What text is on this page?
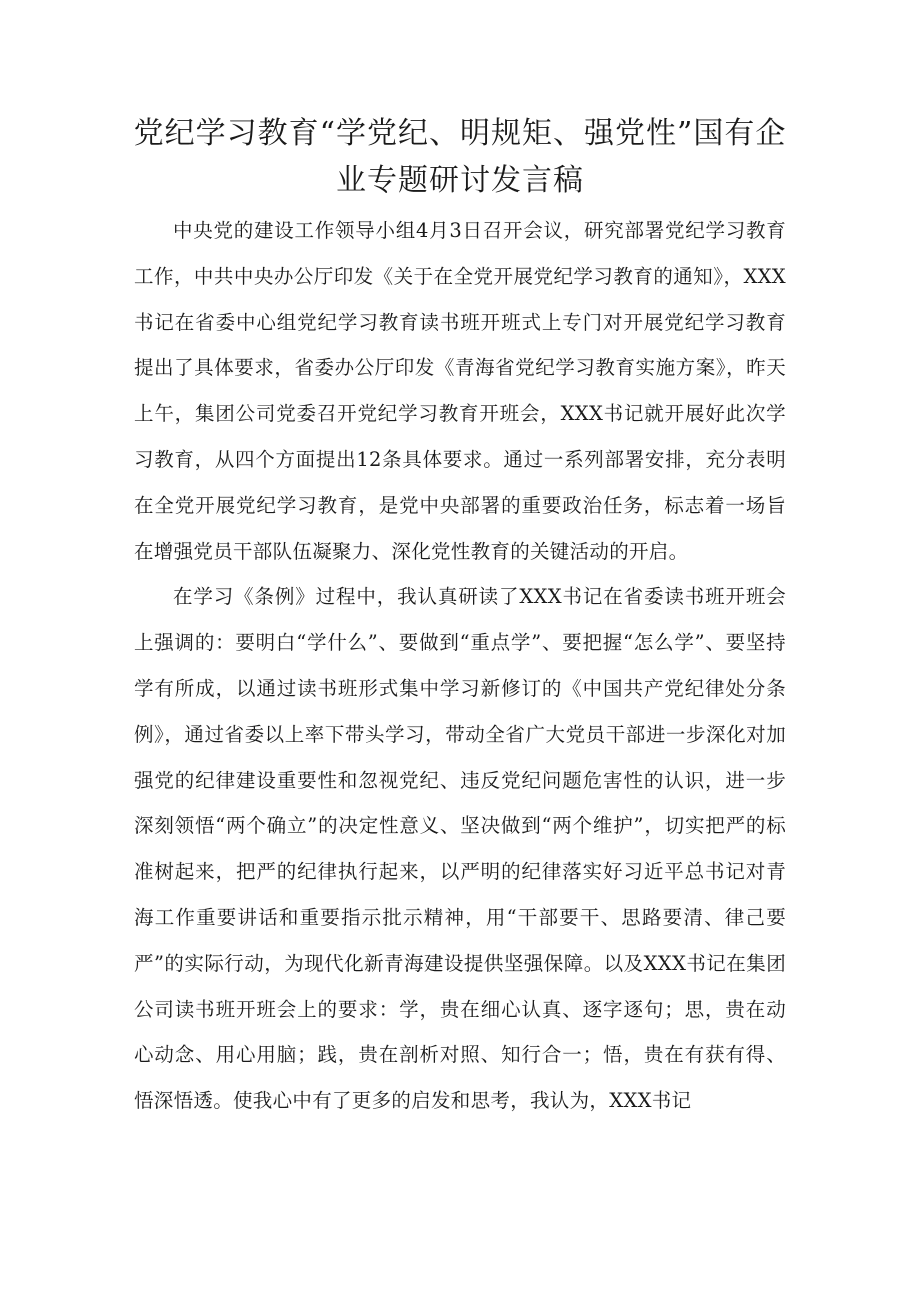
党纪学习教育“学党纪、明规矩、强党性”国有企业专题研讨发言稿

中央党的建设工作领导小组4月3日召开会议，研究部署党纪学习教育工作，中共中央办公厅印发《关于在全党开展党纪学习教育的通知》，XXX书记在省委中心组党纪学习教育读书班开班式上专门对开展党纪学习教育提出了具体要求，省委办公厅印发《青海省党纪学习教育实施方案》，昨天上午，集团公司党委召开党纪学习教育开班会，XXX书记就开展好此次学习教育，从四个方面提出12条具体要求。通过一系列部署安排，充分表明在全党开展党纪学习教育，是党中央部署的重要政治任务，标志着一场旨在增强党员干部队伍凝聚力、深化党性教育的关键活动的开启。

在学习《条例》过程中，我认真研读了XXX书记在省委读书班开班会上强调的：要明白“学什么”、要做到“重点学”、要把握“怎么学”、要坚持学有所成，以通过读书班形式集中学习新修订的《中国共产党纪律处分条例》，通过省委以上率下带头学习，带动全省广大党员干部进一步深化对加强党的纪律建设重要性和忽视党纪、违反党纪问题危害性的认识，进一步深刻领悟“两个确立”的决定性意义、坚决做到“两个维护”，切实把严的标准树起来，把严的纪律执行起来，以严明的纪律落实好习近平总书记对青海工作重要讲话和重要指示批示精神，用“干部要干、思路要清、律己要严”的实际行动，为现代化新青海建设提供坚强保障。以及XXX书记在集团公司读书班开班会上的要求：学，贵在细心认真、逐字逐句；思，贵在动心动念、用心用脑；践，贵在剖析对照、知行合一；悟，贵在有获有得、悟深悟透。使我心中有了更多的启发和思考，我认为，XXX书记
